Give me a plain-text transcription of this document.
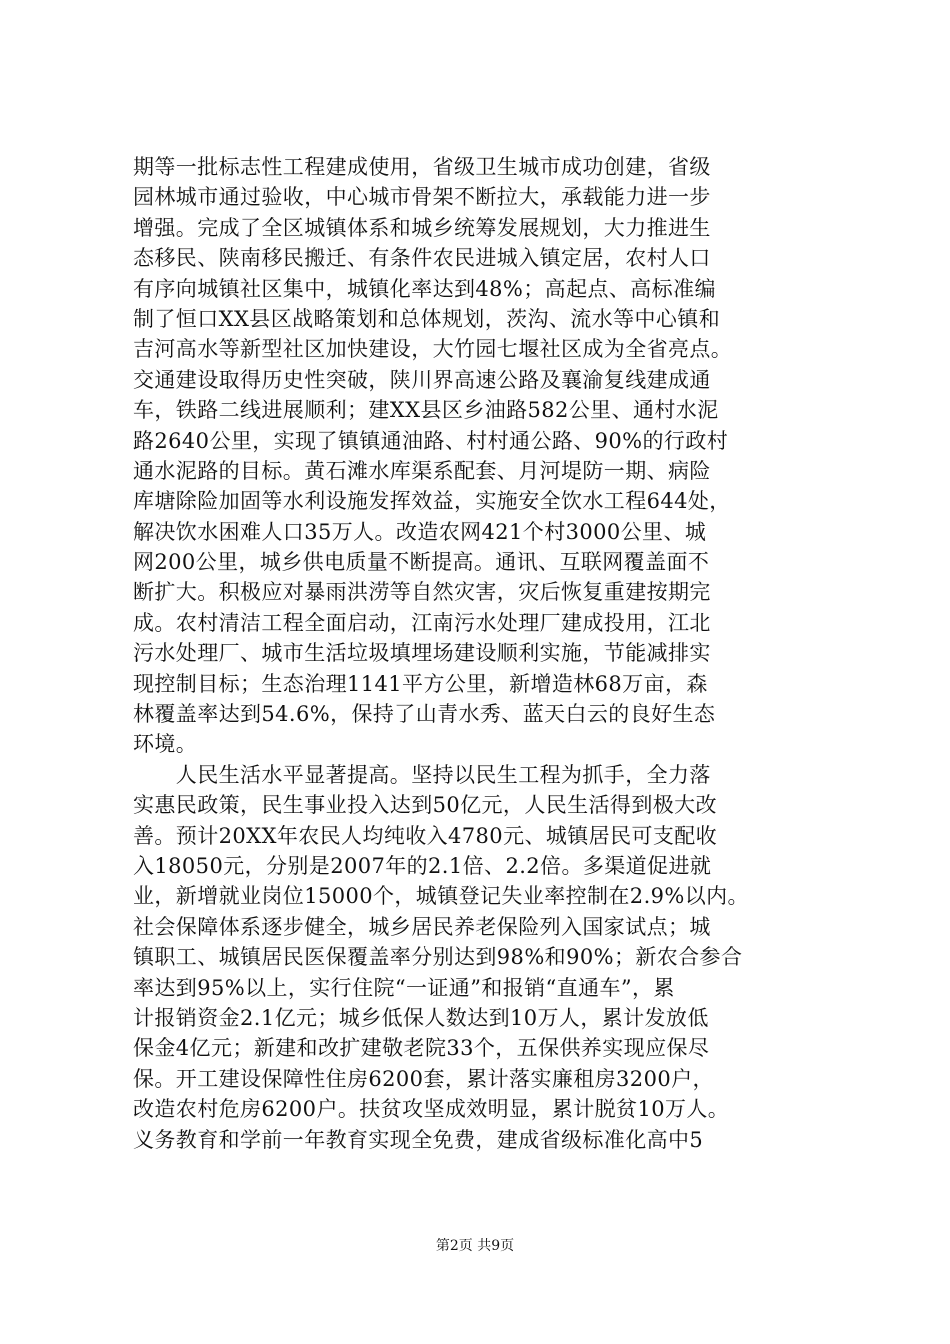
期等一批标志性工程建成使用，省级卫生城市成功创建，省级
园林城市通过验收，中心城市骨架不断拉大，承载能力进一步
增强。完成了全区城镇体系和城乡统筹发展规划，大力推进生
态移民、陕南移民搬迁、有条件农民进城入镇定居，农村人口
有序向城镇社区集中，城镇化率达到48%；高起点、高标准编
制了恒口XX县区战略策划和总体规划，茨沟、流水等中心镇和
吉河高水等新型社区加快建设，大竹园七堰社区成为全省亮点。
交通建设取得历史性突破，陕川界高速公路及襄渝复线建成通
车，铁路二线进展顺利；建XX县区乡油路582公里、通村水泥
路2640公里，实现了镇镇通油路、村村通公路、90%的行政村
通水泥路的目标。黄石滩水库渠系配套、月河堤防一期、病险
库塘除险加固等水利设施发挥效益，实施安全饮水工程644处，
解决饮水困难人口35万人。改造农网421个村3000公里、城
网200公里，城乡供电质量不断提高。通讯、互联网覆盖面不
断扩大。积极应对暴雨洪涝等自然灾害，灾后恢复重建按期完
成。农村清洁工程全面启动，江南污水处理厂建成投用，江北
污水处理厂、城市生活垃圾填埋场建设顺利实施，节能减排实
现控制目标；生态治理1141平方公里，新增造林68万亩，森
林覆盖率达到54.6%，保持了山青水秀、蓝天白云的良好生态
环境。
　　人民生活水平显著提高。坚持以民生工程为抓手，全力落
实惠民政策，民生事业投入达到50亿元，人民生活得到极大改
善。预计20XX年农民人均纯收入4780元、城镇居民可支配收
入18050元，分别是2007年的2.1倍、2.2倍。多渠道促进就
业，新增就业岗位15000个，城镇登记失业率控制在2.9%以内。
社会保障体系逐步健全，城乡居民养老保险列入国家试点；城
镇职工、城镇居民医保覆盖率分别达到98%和90%；新农合参合
率达到95%以上，实行住院“一证通”和报销“直通车”，累
计报销资金2.1亿元；城乡低保人数达到10万人，累计发放低
保金4亿元；新建和改扩建敬老院33个，五保供养实现应保尽
保。开工建设保障性住房6200套，累计落实廉租房3200户，
改造农村危房6200户。扶贫攻坚成效明显，累计脱贫10万人。
义务教育和学前一年教育实现全免费，建成省级标准化高中5
第2页 共9页
